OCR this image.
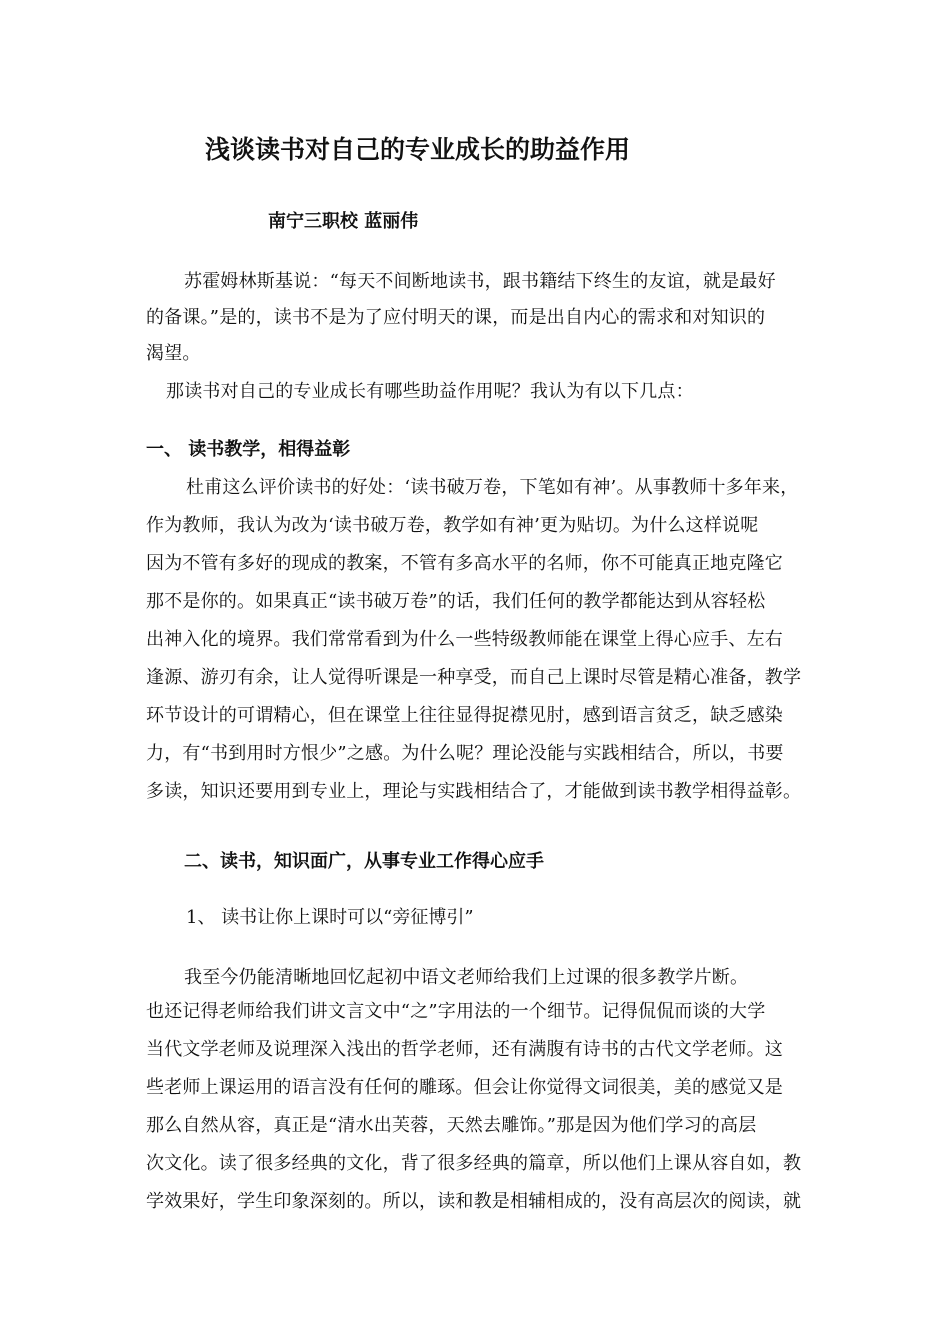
浅谈读书对自己的专业成长的助益作用
南宁三职校 蓝丽伟
苏霍姆林斯基说：“每天不间断地读书，跟书籍结下终生的友谊，就是最好
的备课。”是的，读书不是为了应付明天的课，而是出自内心的需求和对知识的
渴望。
那读书对自己的专业成长有哪些助益作用呢？我认为有以下几点：
一、 读书教学，相得益彰
杜甫这么评价读书的好处：‘读书破万卷，下笔如有神’。从事教师十多年来，
作为教师，我认为改为‘读书破万卷，教学如有神’更为贴切。为什么这样说呢
因为不管有多好的现成的教案，不管有多高水平的名师，你不可能真正地克隆它
那不是你的。如果真正“读书破万卷”的话，我们任何的教学都能达到从容轻松
出神入化的境界。我们常常看到为什么一些特级教师能在课堂上得心应手、左右
逢源、游刃有余，让人觉得听课是一种享受，而自己上课时尽管是精心准备，教学
环节设计的可谓精心，但在课堂上往往显得捉襟见肘，感到语言贫乏，缺乏感染
力，有“书到用时方恨少”之感。为什么呢？理论没能与实践相结合，所以，书要
多读，知识还要用到专业上，理论与实践相结合了，才能做到读书教学相得益彰。
二、读书，知识面广，从事专业工作得心应手
1、 读书让你上课时可以“旁征博引”
我至今仍能清晰地回忆起初中语文老师给我们上过课的很多教学片断。
也还记得老师给我们讲文言文中“之”字用法的一个细节。记得侃侃而谈的大学
当代文学老师及说理深入浅出的哲学老师，还有满腹有诗书的古代文学老师。这
些老师上课运用的语言没有任何的雕琢。但会让你觉得文词很美，美的感觉又是
那么自然从容，真正是“清水出芙蓉，天然去雕饰。”那是因为他们学习的高层
次文化。读了很多经典的文化，背了很多经典的篇章，所以他们上课从容自如，教
学效果好，学生印象深刻的。所以，读和教是相辅相成的，没有高层次的阅读，就
